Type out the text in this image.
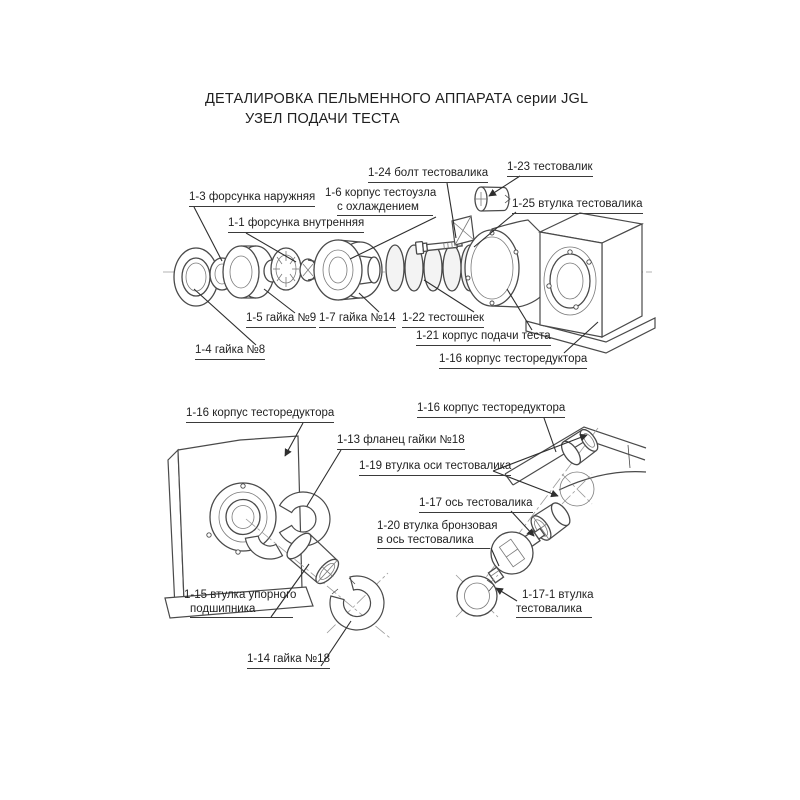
ДЕТАЛИРОВКА ПЕЛЬМЕННОГО АППАРАТА серии JGL
УЗЕЛ ПОДАЧИ ТЕСТА
1-24 болт тестовалика 1-23 тестовалик
1-3 форсунка наружняя 1-6 корпус тестоузла
с охлаждением	1-25 втулка тестовалика
1-1 форсунка внутренняя
1-5 гайка №9 1-7 гайка №14 1-22 тестошнек
1-21 корпус подачи теста
1-4 гайка №8
1-16 корпус тесторедуктора
1-16 корпус тесторедуктора	1-16 корпус тесторедуктора
1-13 фланец гайки №18
1-19 втулка оси тестовалика
1-17 ось тестовалика
1-20 втулка бронзовая
в ось тестовалика
1-15 втулка упорного
подшипника
1-14 гайка №18
1-17-1 втулка
тестовалика
